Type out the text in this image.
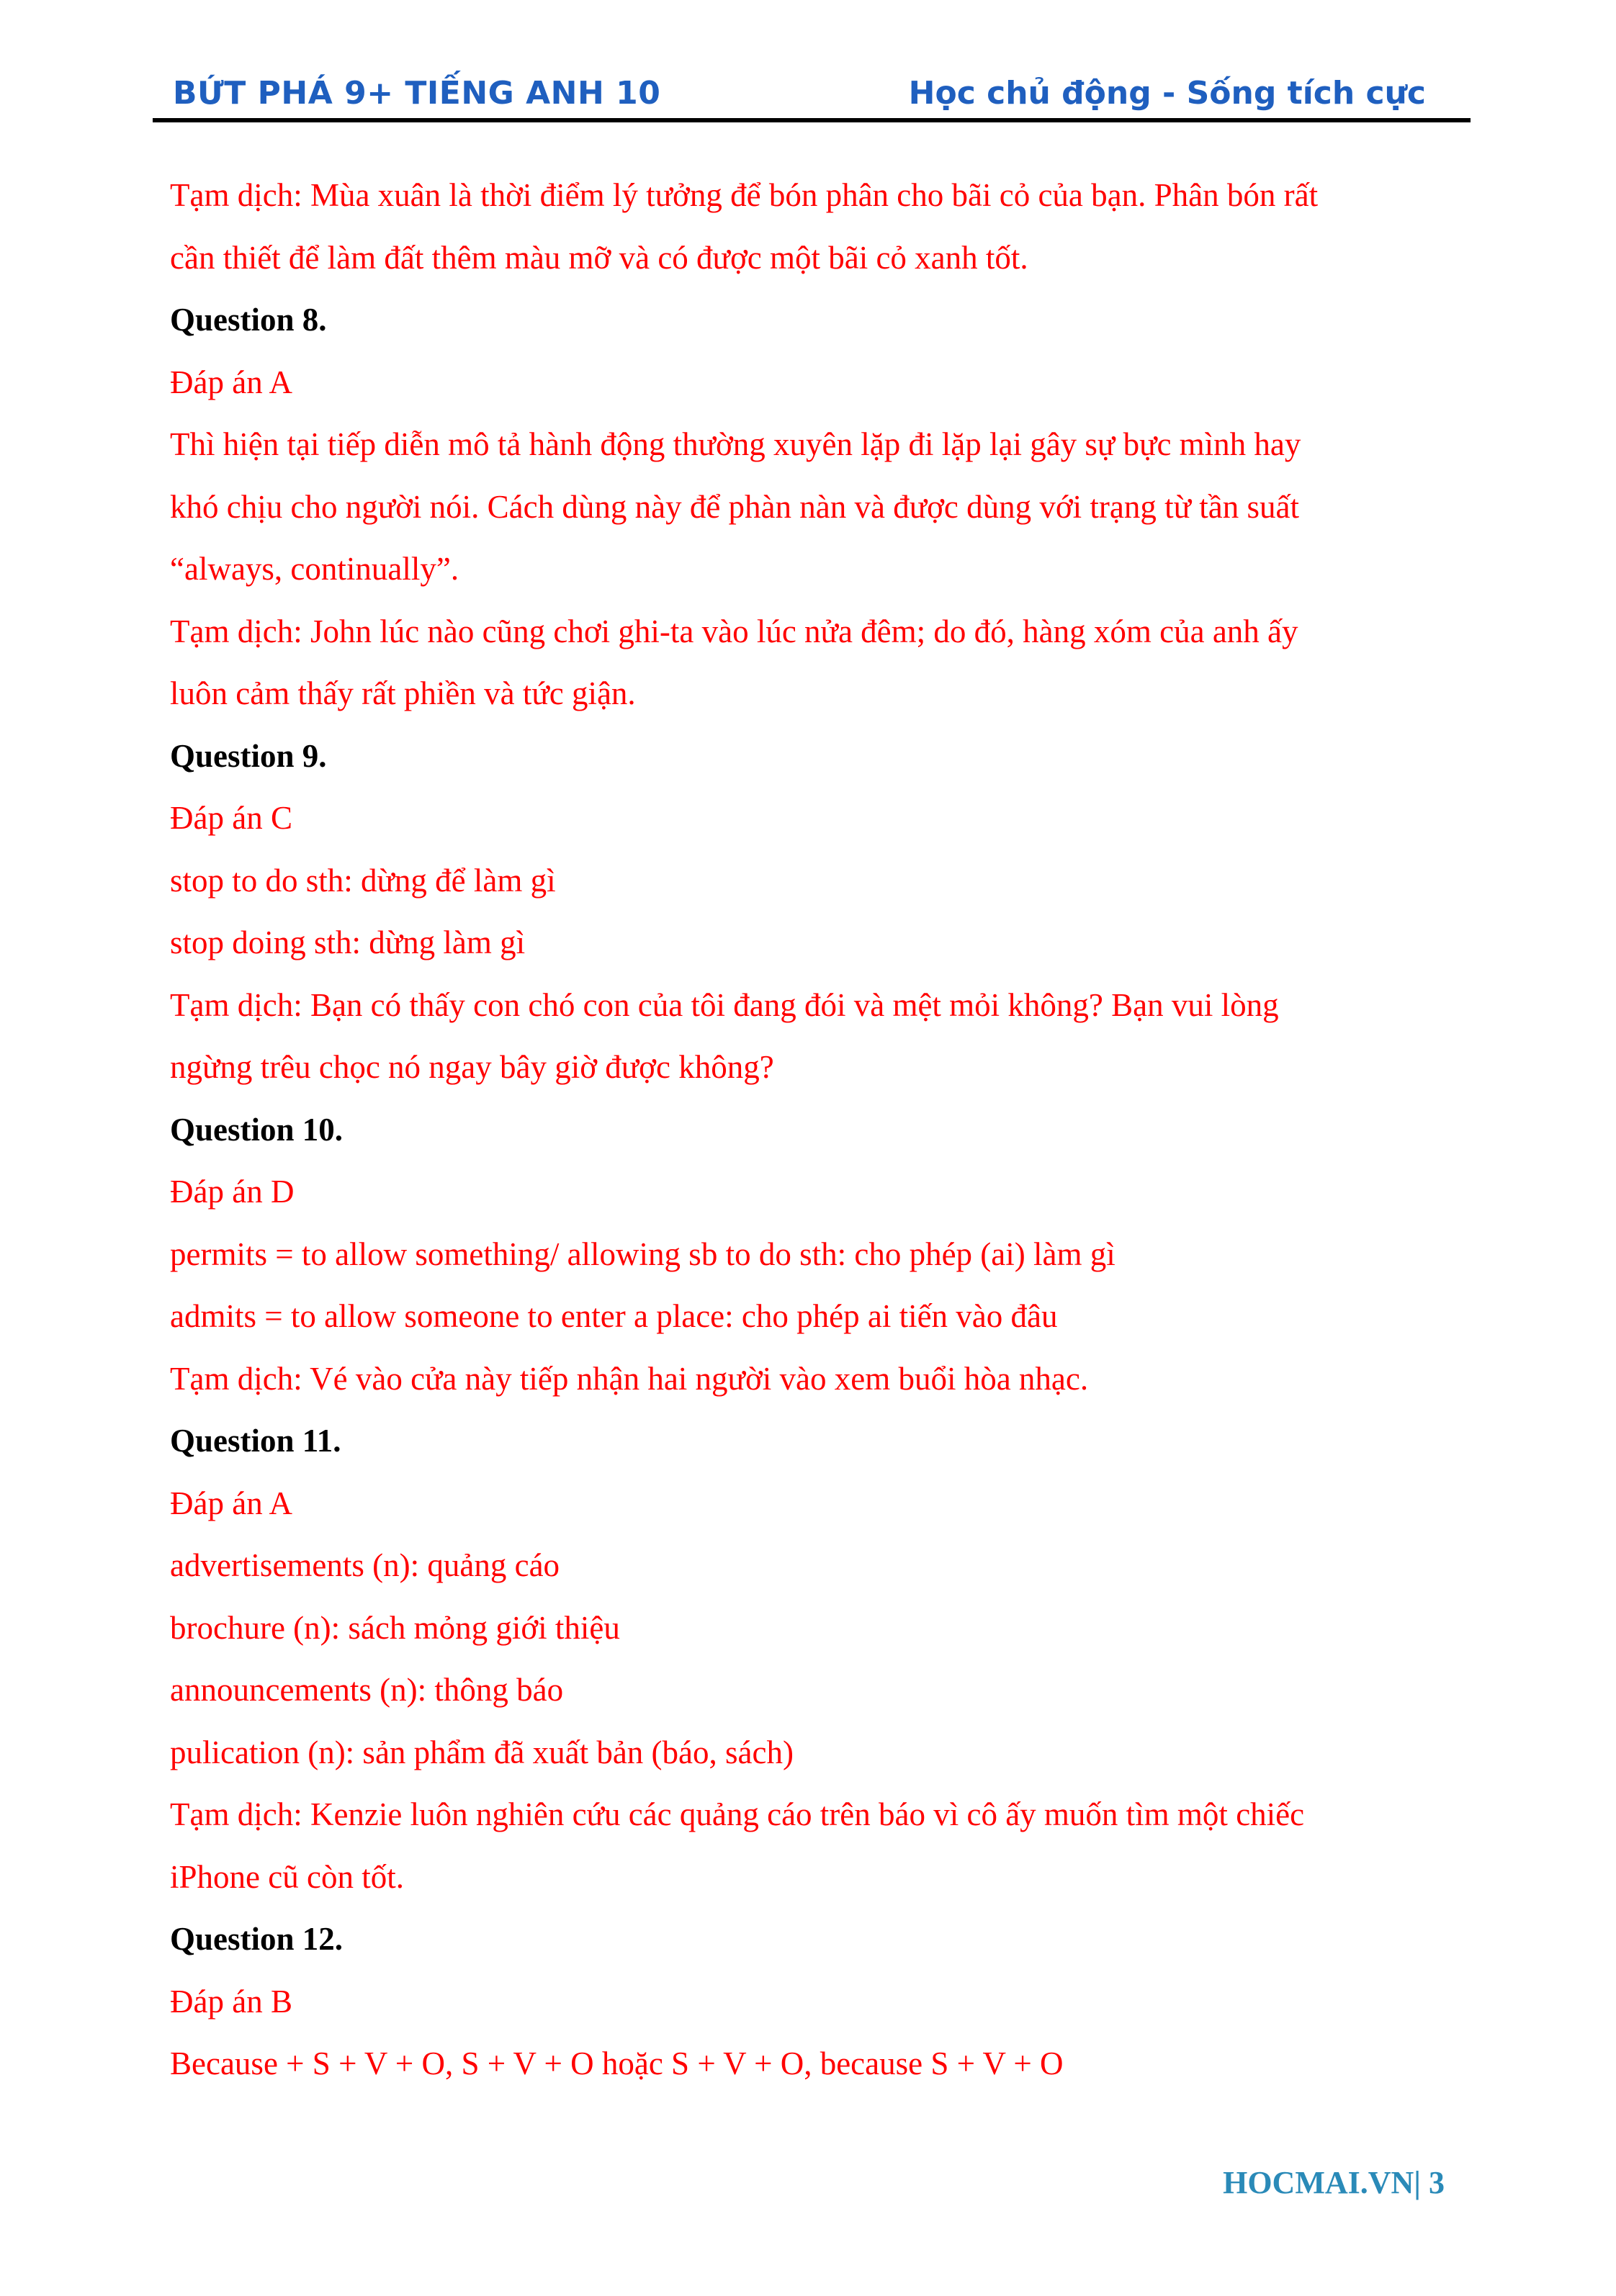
BỨT PHÁ 9+ TIẾNG ANH 10	Học chủ động - Sống tích cực
Tạm dịch: Mùa xuân là thời điểm lý tưởng để bón phân cho bãi cỏ của bạn. Phân bón rất
cần thiết để làm đất thêm màu mỡ và có được một bãi cỏ xanh tốt.
Question 8.
Đáp án A
Thì hiện tại tiếp diễn mô tả hành động thường xuyên lặp đi lặp lại gây sự bực mình hay
khó chịu cho người nói. Cách dùng này để phàn nàn và được dùng với trạng từ tần suất
“always, continually”.
Tạm dịch: John lúc nào cũng chơi ghi-ta vào lúc nửa đêm; do đó, hàng xóm của anh ấy
luôn cảm thấy rất phiền và tức giận.
Question 9.
Đáp án C
stop to do sth: dừng để làm gì
stop doing sth: dừng làm gì
Tạm dịch: Bạn có thấy con chó con của tôi đang đói và mệt mỏi không? Bạn vui lòng
ngừng trêu chọc nó ngay bây giờ được không?
Question 10.
Đáp án D
permits = to allow something/ allowing sb to do sth: cho phép (ai) làm gì
admits = to allow someone to enter a place: cho phép ai tiến vào đâu
Tạm dịch: Vé vào cửa này tiếp nhận hai người vào xem buổi hòa nhạc.
Question 11.
Đáp án A
advertisements (n): quảng cáo
brochure (n): sách mỏng giới thiệu
announcements (n): thông báo
pulication (n): sản phẩm đã xuất bản (báo, sách)
Tạm dịch: Kenzie luôn nghiên cứu các quảng cáo trên báo vì cô ấy muốn tìm một chiếc
iPhone cũ còn tốt.
Question 12.
Đáp án B
Because + S + V + O, S + V + O hoặc S + V + O, because S + V + O
HOCMAI.VN| 3
